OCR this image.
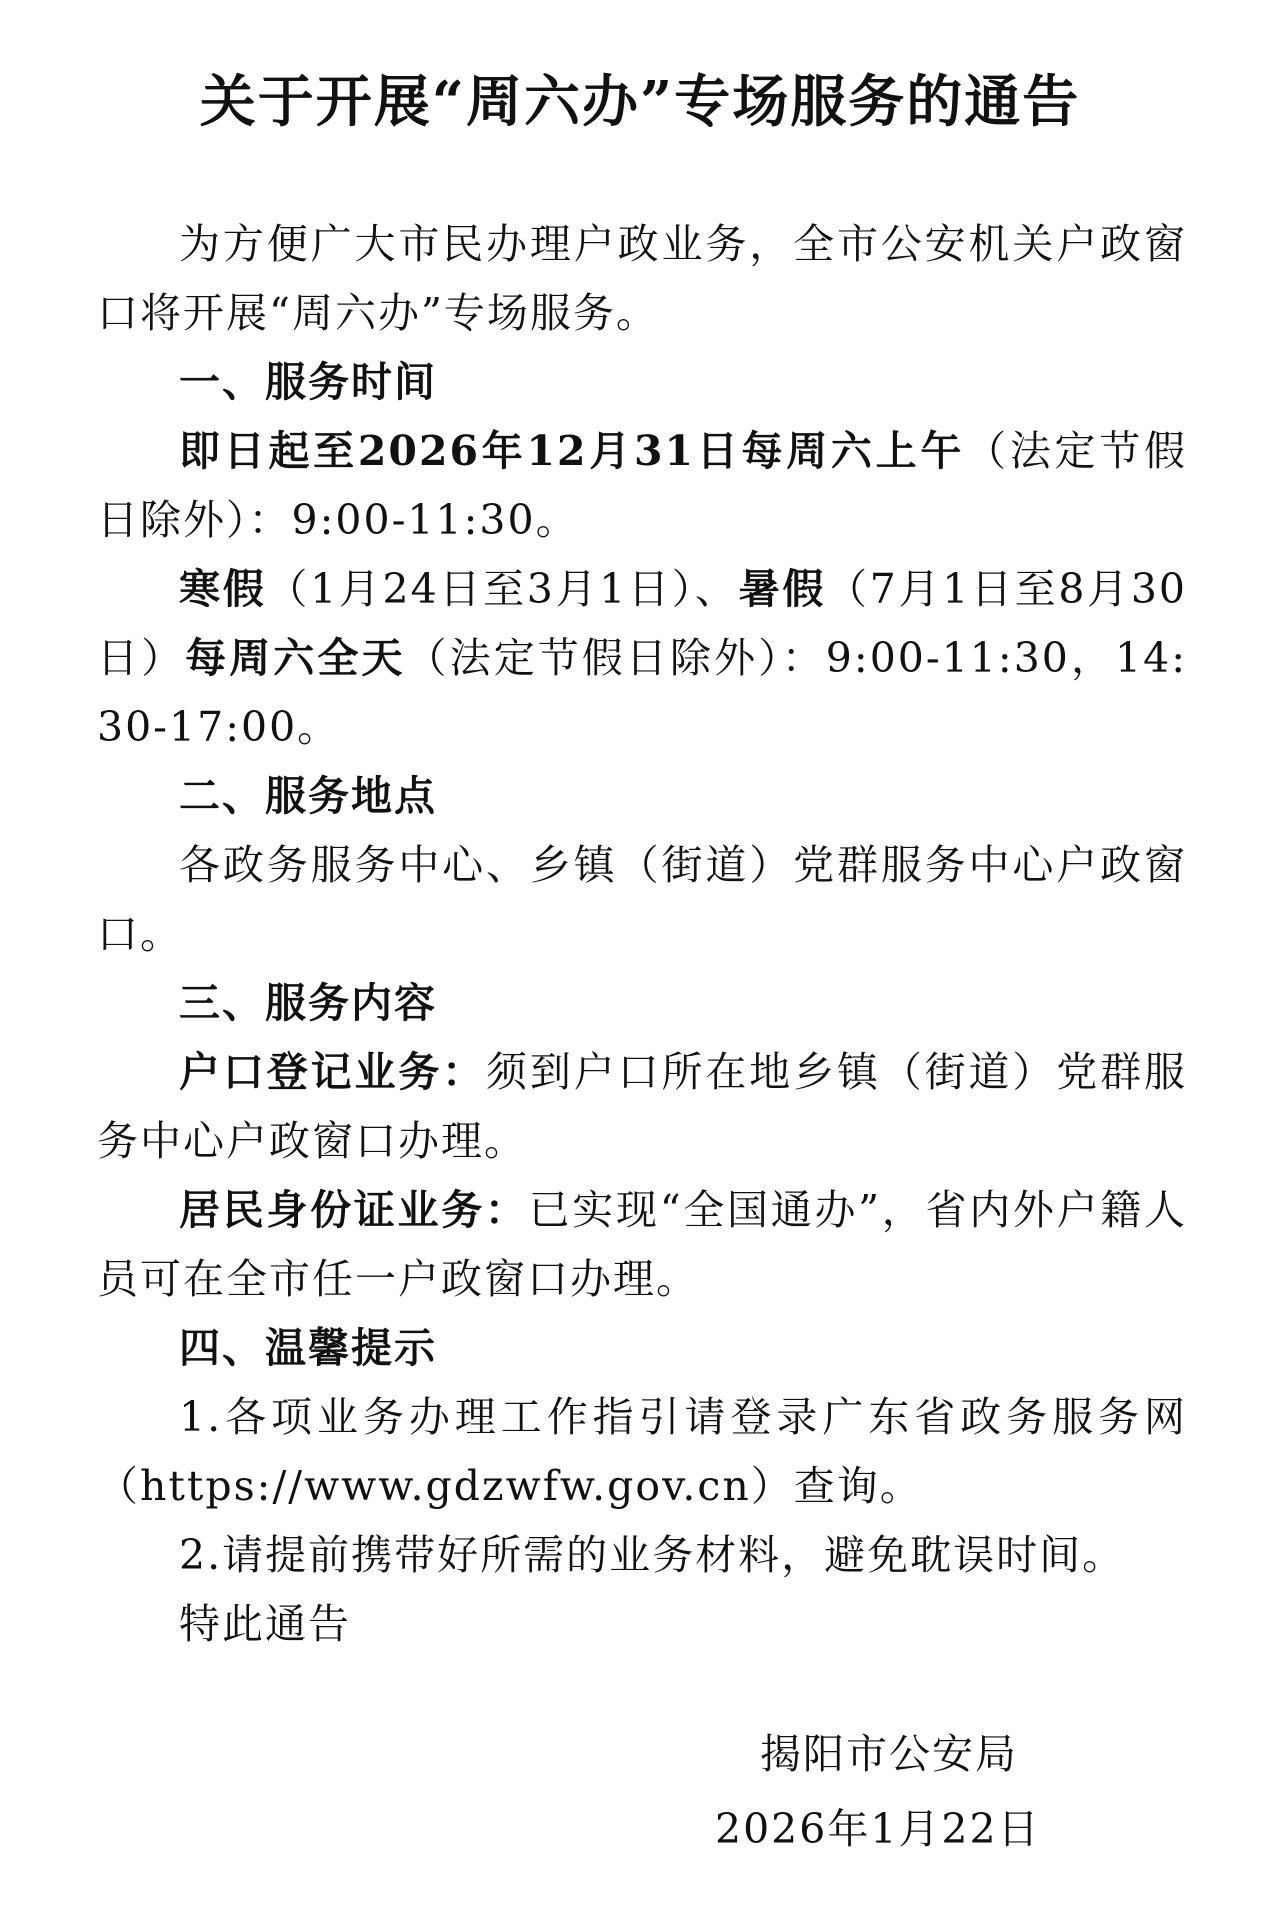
关于开展“周六办”专场服务的通告

为方便广大市民办理户政业务，全市公安机关户政窗口将开展“周六办”专场服务。

一、服务时间

即日起至2026年12月31日每周六上午（法定节假日除外）：9:00-11:30。

寒假（1月24日至3月1日）、暑假（7月1日至8月30日）每周六全天（法定节假日除外）：9:00-11:30，14:30-17:00。

二、服务地点

各政务服务中心、乡镇（街道）党群服务中心户政窗口。

三、服务内容

户口登记业务：须到户口所在地乡镇（街道）党群服务中心户政窗口办理。

居民身份证业务：已实现“全国通办”，省内外户籍人员可在全市任一户政窗口办理。

四、温馨提示

1.各项业务办理工作指引请登录广东省政务服务网（https://www.gdzwfw.gov.cn）查询。

2.请提前携带好所需的业务材料，避免耽误时间。

特此通告

揭阳市公安局
2026年1月22日
